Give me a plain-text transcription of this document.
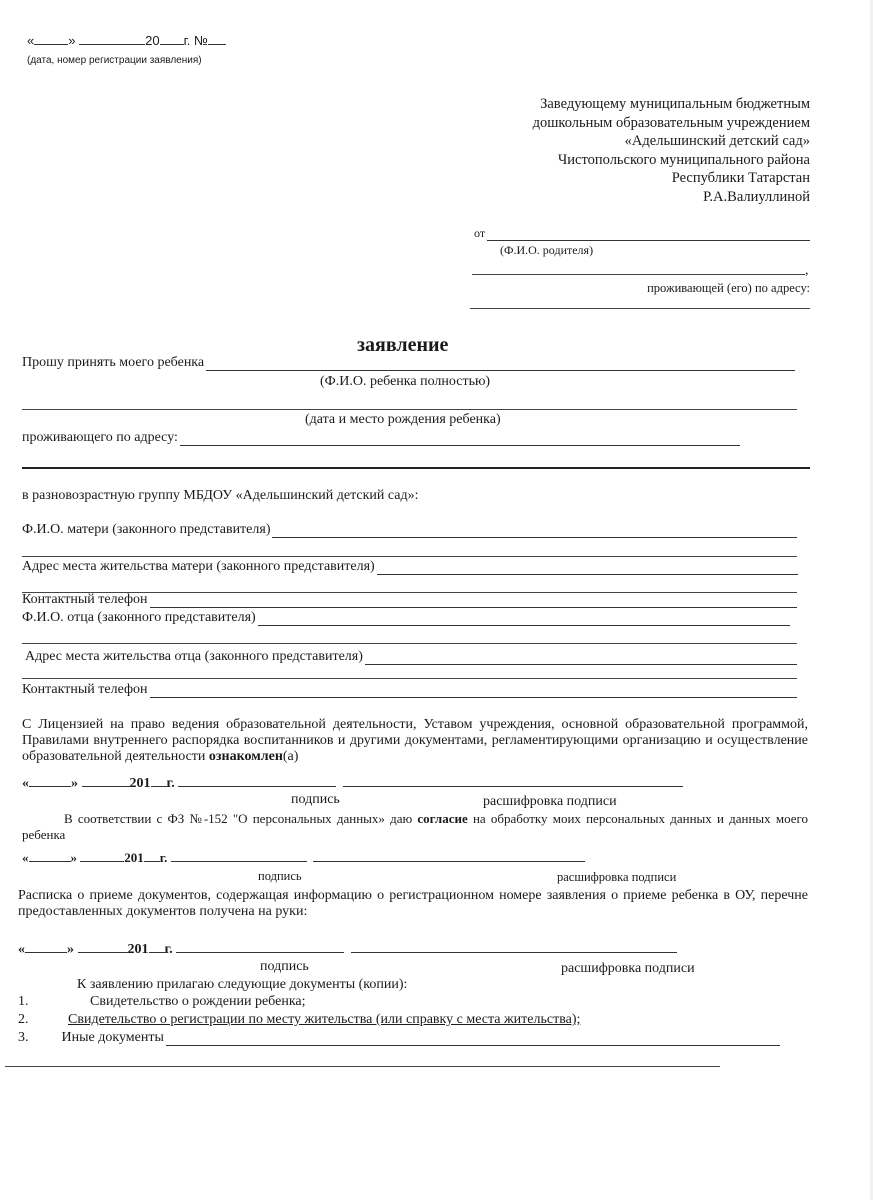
«	»	20 г. №
(дата, номер регистрации заявления)
Заведующему муниципальным бюджетным
дошкольным образовательным учреждением
«Адельшинский детский сад»
Чистопольского муниципального района
Республики Татарстан
Р.А.Валиуллиной
от
(Ф.И.О. родителя)
,
проживающей (его) по адресу:
заявление
Прошу принять моего ребенка
(Ф.И.О. ребенка полностью)
(дата и место рождения ребенка)
проживающего по адресу:
в разновозрастную группу МБДОУ «Адельшинский детский сад»:
Ф.И.О. матери (законного представителя)
Адрес места жительства матери (законного представителя)
Контактный телефон
Ф.И.О. отца (законного представителя)
Адрес места жительства отца (законного представителя)
Контактный телефон
С Лицензией на право ведения образовательной деятельности, Уставом учреждения, основной образовательной программой, Правилами внутреннего распорядка воспитанников и другими документами, регламентирующими организацию и осуществление образовательной деятельности ознакомлен(а)
«	»	201 г.
подпись	расшифровка подписи
В соответствии с ФЗ №-152 "О персональных данных» даю согласие на обработку моих персональных данных и данных моего ребенка
«	»	201 г.
подпись	расшифровка подписи
Расписка о приеме документов, содержащая информацию о регистрационном номере заявления о приеме ребенка в ОУ, перечне предоставленных документов получена на руки:
«	»	201 г.
подпись	расшифровка подписи
К заявлению прилагаю следующие документы (копии):
1.	Свидетельство о рождении ребенка;
2.	Свидетельство о регистрации по месту жительства (или справку с места жительства);
3. Иные документы
